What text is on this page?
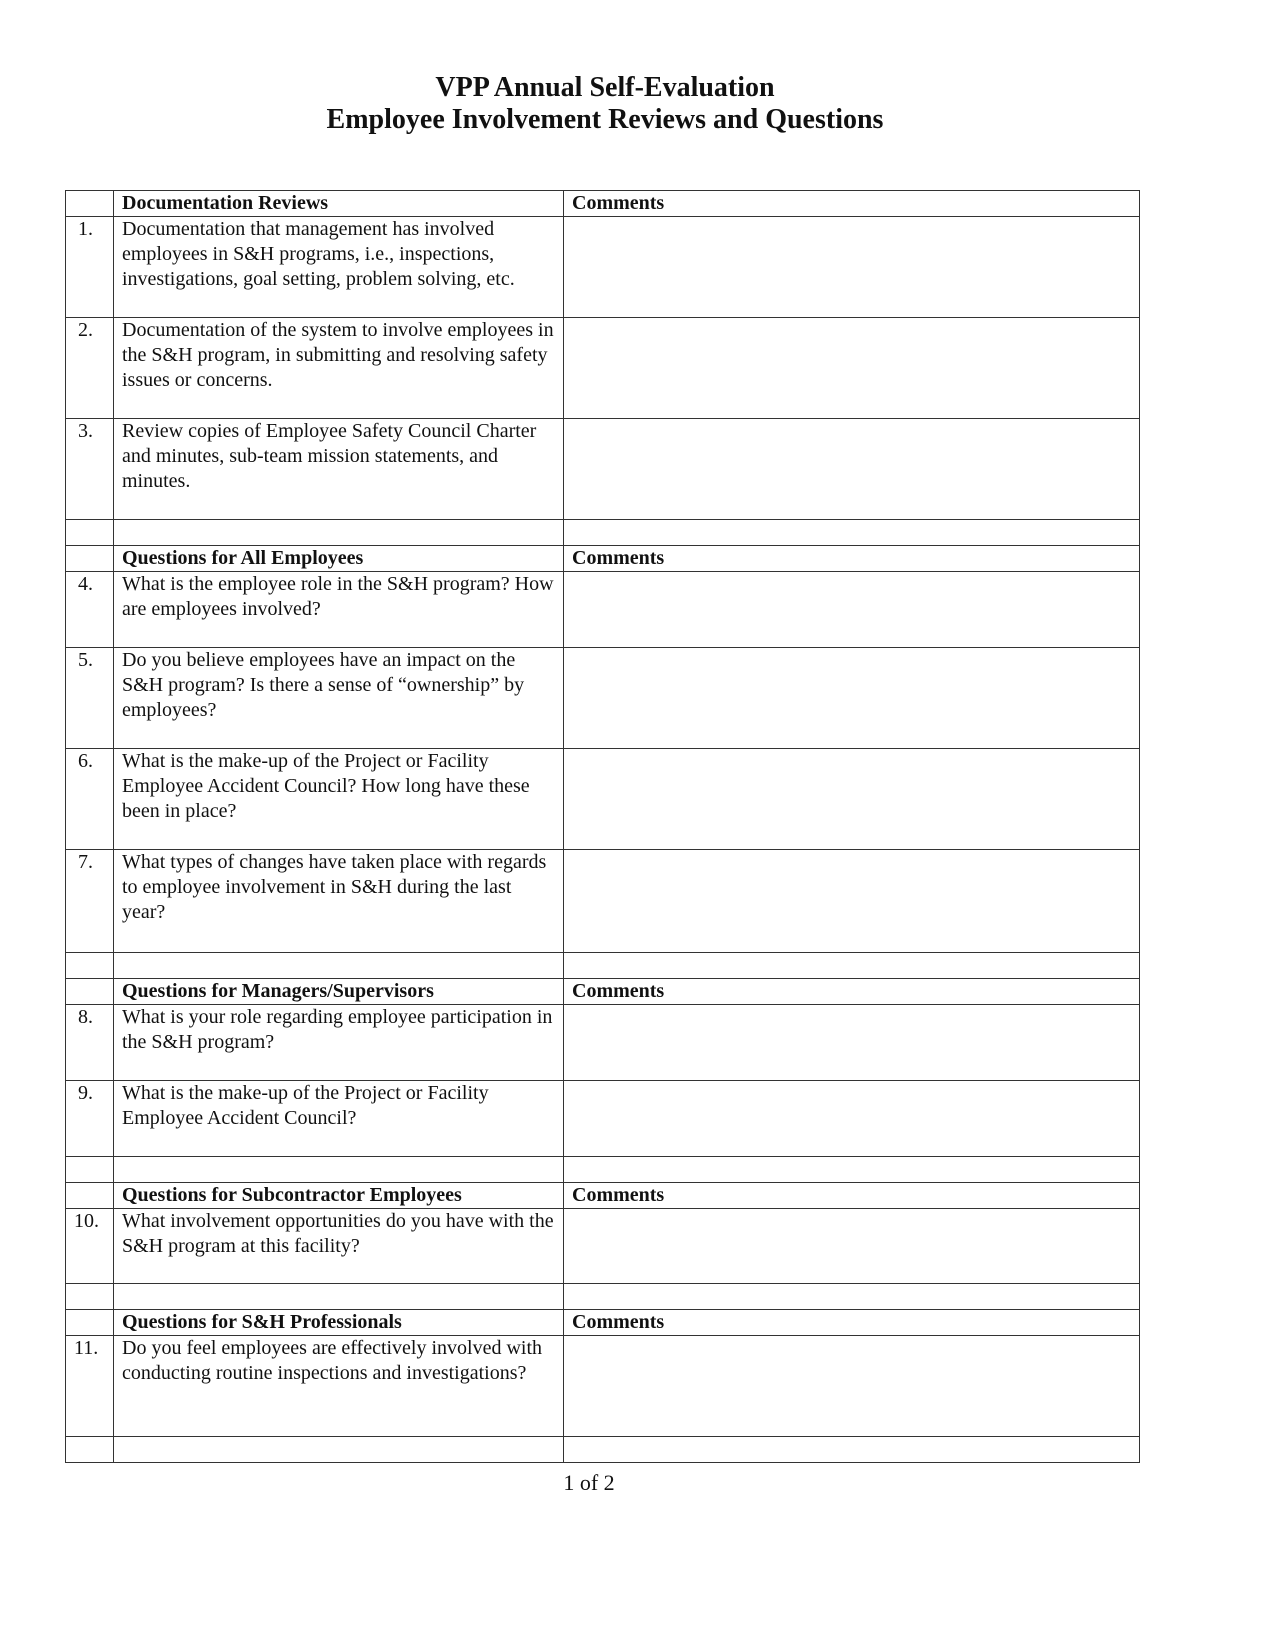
VPP Annual Self-Evaluation
Employee Involvement Reviews and Questions
	Documentation Reviews	Comments
1.	Documentation that management has involved employees in S&H programs, i.e., inspections, investigations, goal setting, problem solving, etc.	
2.	Documentation of the system to involve employees in the S&H program, in submitting and resolving safety issues or concerns.	
3.	Review copies of Employee Safety Council Charter and minutes, sub-team mission statements, and minutes.	

	Questions for All Employees	Comments
4.	What is the employee role in the S&H program? How are employees involved?	
5.	Do you believe employees have an impact on the S&H program? Is there a sense of “ownership” by employees?	
6.	What is the make-up of the Project or Facility Employee Accident Council? How long have these been in place?	
7.	What types of changes have taken place with regards to employee involvement in S&H during the last year?	

	Questions for Managers/Supervisors	Comments
8.	What is your role regarding employee participation in the S&H program?	
9.	What is the make-up of the Project or Facility Employee Accident Council?	

	Questions for Subcontractor Employees	Comments
10.	What involvement opportunities do you have with the S&H program at this facility?	

	Questions for S&H Professionals	Comments
11.	Do you feel employees are effectively involved with conducting routine inspections and investigations?	

1 of 2
